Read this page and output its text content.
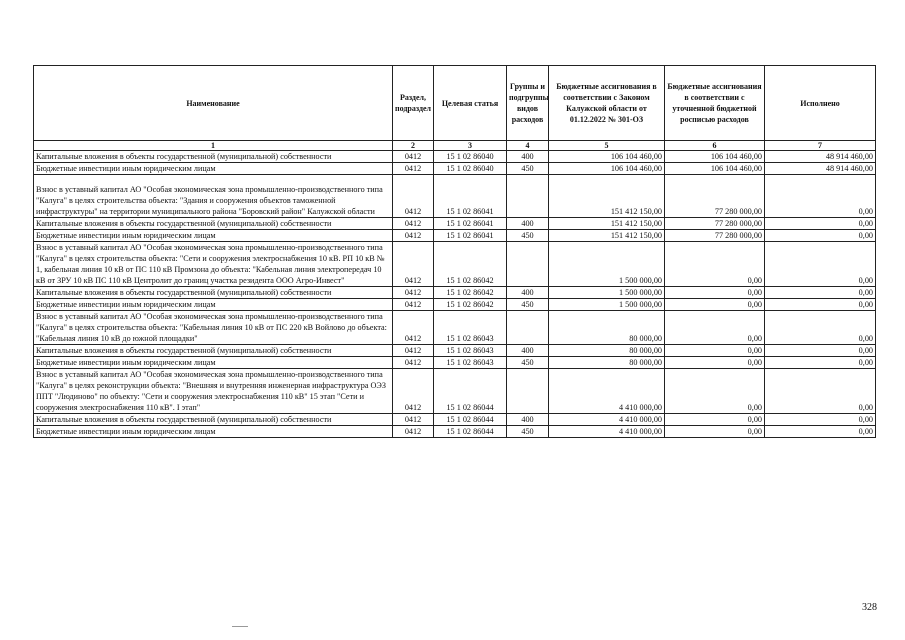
Наименование	Раздел, подраздел	Целевая статья	Группы и подгруппы видов расходов	Бюджетные ассигнования в соответствии с Законом Калужской области от 01.12.2022 № 301-ОЗ	Бюджетные ассигнования в соответствии с уточненной бюджетной росписью расходов	Исполнено
1	2	3	4	5	6	7
Капитальные вложения в объекты государственной (муниципальной) собственности	0412	15 1 02 86040	400	106 104 460,00	106 104 460,00	48 914 460,00
Бюджетные инвестиции иным юридическим лицам	0412	15 1 02 86040	450	106 104 460,00	106 104 460,00	48 914 460,00
Взнос в уставный капитал АО "Особая экономическая зона промышленно-производственного типа "Калуга" в целях строительства объекта: "Здания и сооружения объектов таможенной инфраструктуры" на территории муниципального района "Боровский район" Калужской области	0412	15 1 02 86041		151 412 150,00	77 280 000,00	0,00
Капитальные вложения в объекты государственной (муниципальной) собственности	0412	15 1 02 86041	400	151 412 150,00	77 280 000,00	0,00
Бюджетные инвестиции иным юридическим лицам	0412	15 1 02 86041	450	151 412 150,00	77 280 000,00	0,00
Взнос в уставный капитал АО "Особая экономическая зона промышленно-производственного типа "Калуга" в целях строительства объекта: "Сети и сооружения электроснабжения 10 кВ. РП 10 кВ № 1, кабельная линия 10 кВ от ПС 110 кВ Промзона до объекта: "Кабельная линия электропередач 10 кВ от ЗРУ 10 кВ ПС 110 кВ Центролит до границ участка резидента ООО Агро-Инвест"	0412	15 1 02 86042		1 500 000,00	0,00	0,00
Капитальные вложения в объекты государственной (муниципальной) собственности	0412	15 1 02 86042	400	1 500 000,00	0,00	0,00
Бюджетные инвестиции иным юридическим лицам	0412	15 1 02 86042	450	1 500 000,00	0,00	0,00
Взнос в уставный капитал АО "Особая экономическая зона промышленно-производственного типа "Калуга" в целях строительства объекта: "Кабельная линия 10 кВ от ПС 220 кВ Войлово до объекта: "Кабельная линия 10 кВ до южной площадки"	0412	15 1 02 86043		80 000,00	0,00	0,00
Капитальные вложения в объекты государственной (муниципальной) собственности	0412	15 1 02 86043	400	80 000,00	0,00	0,00
Бюджетные инвестиции иным юридическим лицам	0412	15 1 02 86043	450	80 000,00	0,00	0,00
Взнос в уставный капитал АО "Особая экономическая зона промышленно-производственного типа "Калуга" в целях реконструкции объекта: "Внешняя и внутренняя инженерная инфраструктура ОЭЗ ППТ "Людиново" по объекту: "Сети и сооружения электроснабжения 110 кВ" 15 этап "Сети и сооружения электроснабжения 110 кВ". I этап"	0412	15 1 02 86044		4 410 000,00	0,00	0,00
Капитальные вложения в объекты государственной (муниципальной) собственности	0412	15 1 02 86044	400	4 410 000,00	0,00	0,00
Бюджетные инвестиции иным юридическим лицам	0412	15 1 02 86044	450	4 410 000,00	0,00	0,00
328
